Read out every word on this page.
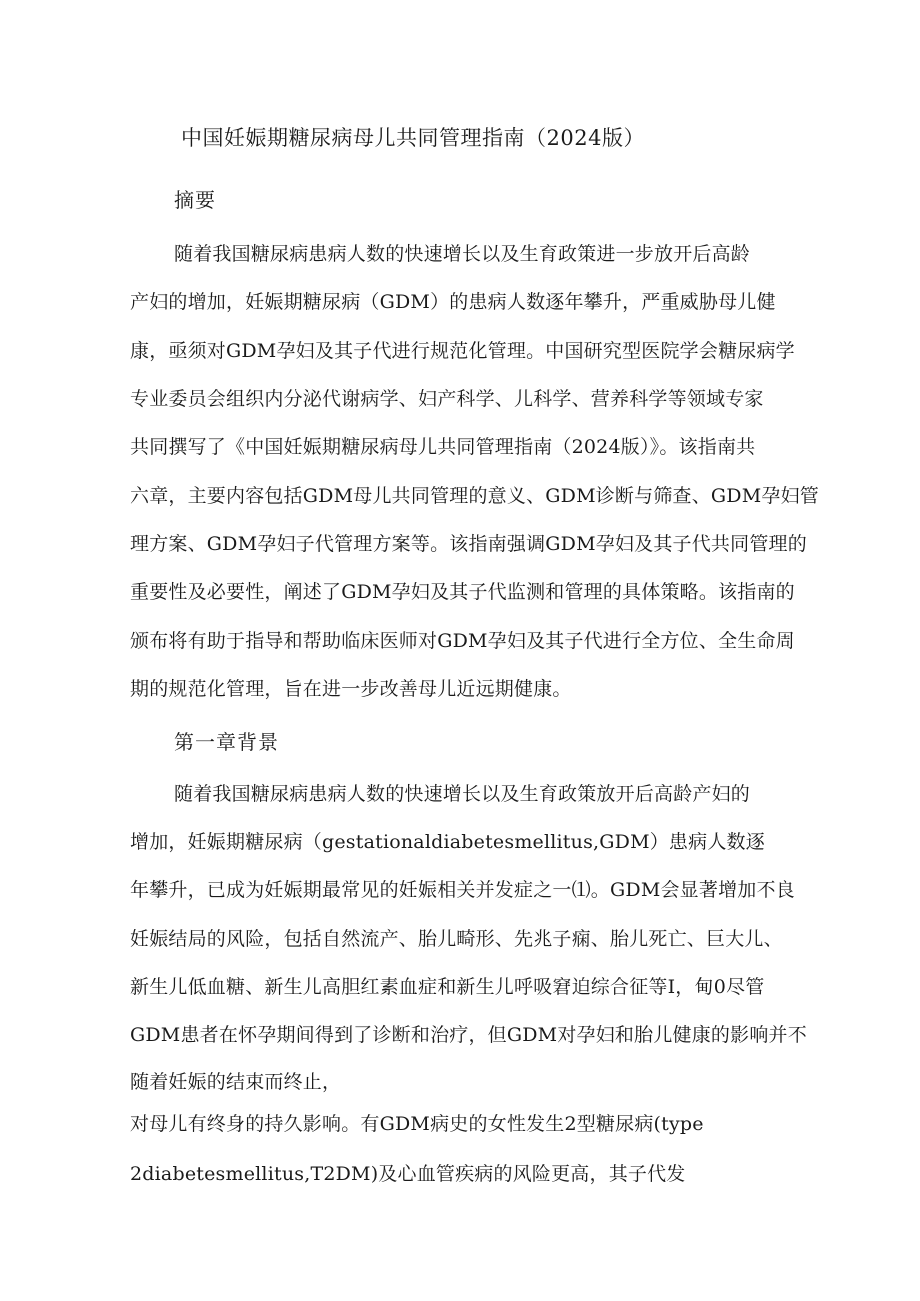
中国妊娠期糖尿病母儿共同管理指南（2024版）
摘要
随着我国糖尿病患病人数的快速增长以及生育政策进一步放开后高龄
产妇的增加，妊娠期糖尿病（GDM）的患病人数逐年攀升，严重威胁母儿健
康，亟须对GDM孕妇及其子代进行规范化管理。中国研究型医院学会糖尿病学
专业委员会组织内分泌代谢病学、妇产科学、儿科学、营养科学等领域专家
共同撰写了《中国妊娠期糖尿病母儿共同管理指南（2024版）》。该指南共
六章，主要内容包括GDM母儿共同管理的意义、GDM诊断与筛查、GDM孕妇管
理方案、GDM孕妇子代管理方案等。该指南强调GDM孕妇及其子代共同管理的
重要性及必要性，阐述了GDM孕妇及其子代监测和管理的具体策略。该指南的
颁布将有助于指导和帮助临床医师对GDM孕妇及其子代进行全方位、全生命周
期的规范化管理，旨在进一步改善母儿近远期健康。
第一章背景
随着我国糖尿病患病人数的快速增长以及生育政策放开后高龄产妇的
增加，妊娠期糖尿病（gestationaldiabetesmellitus,GDM）患病人数逐
年攀升，已成为妊娠期最常见的妊娠相关并发症之一⑴。GDM会显著增加不良
妊娠结局的风险，包括自然流产、胎儿畸形、先兆子痫、胎儿死亡、巨大儿、
新生儿低血糖、新生儿高胆红素血症和新生儿呼吸窘迫综合征等I，甸0尽管
GDM患者在怀孕期间得到了诊断和治疗，但GDM对孕妇和胎儿健康的影响并不
随着妊娠的结束而终止，
对母儿有终身的持久影响。有GDM病史的女性发生2型糖尿病(type
2diabetesmellitus,T2DM)及心血管疾病的风险更高，其子代发
